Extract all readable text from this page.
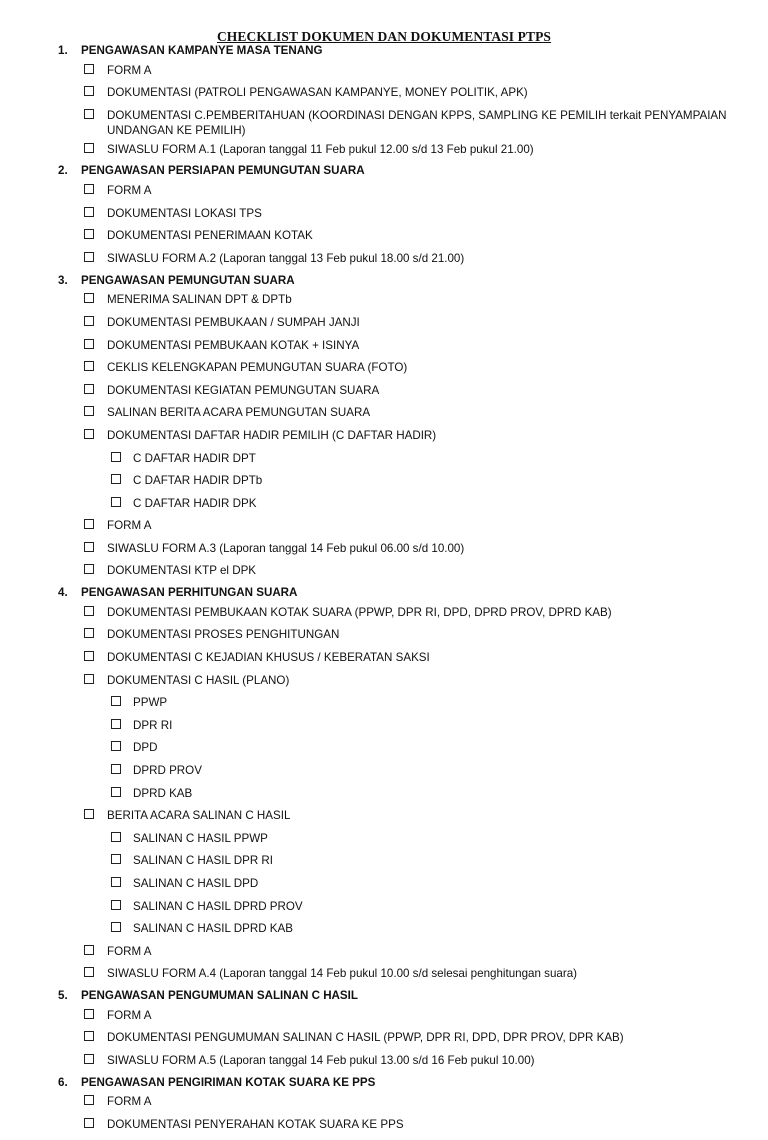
CHECKLIST DOKUMEN DAN DOKUMENTASI PTPS
1. PENGAWASAN KAMPANYE MASA TENANG
FORM A
DOKUMENTASI (PATROLI PENGAWASAN KAMPANYE, MONEY POLITIK, APK)
DOKUMENTASI C.PEMBERITAHUAN (KOORDINASI DENGAN KPPS, SAMPLING KE PEMILIH terkait PENYAMPAIAN UNDANGAN KE PEMILIH)
SIWASLU FORM A.1 (Laporan tanggal 11 Feb pukul 12.00 s/d 13 Feb pukul 21.00)
2. PENGAWASAN PERSIAPAN PEMUNGUTAN SUARA
FORM A
DOKUMENTASI LOKASI TPS
DOKUMENTASI PENERIMAAN KOTAK
SIWASLU FORM A.2 (Laporan tanggal 13 Feb pukul 18.00 s/d 21.00)
3. PENGAWASAN PEMUNGUTAN SUARA
MENERIMA SALINAN DPT & DPTb
DOKUMENTASI PEMBUKAAN / SUMPAH JANJI
DOKUMENTASI PEMBUKAAN KOTAK + ISINYA
CEKLIS KELENGKAPAN PEMUNGUTAN SUARA (FOTO)
DOKUMENTASI KEGIATAN PEMUNGUTAN SUARA
SALINAN BERITA ACARA PEMUNGUTAN SUARA
DOKUMENTASI DAFTAR HADIR PEMILIH (C DAFTAR HADIR)
C DAFTAR HADIR DPT
C DAFTAR HADIR DPTb
C DAFTAR HADIR DPK
FORM A
SIWASLU FORM A.3 (Laporan tanggal 14 Feb pukul 06.00 s/d 10.00)
DOKUMENTASI KTP el DPK
4. PENGAWASAN PERHITUNGAN SUARA
DOKUMENTASI PEMBUKAAN KOTAK SUARA (PPWP, DPR RI, DPD, DPRD PROV, DPRD KAB)
DOKUMENTASI PROSES PENGHITUNGAN
DOKUMENTASI C KEJADIAN KHUSUS / KEBERATAN SAKSI
DOKUMENTASI C HASIL (PLANO)
PPWP
DPR RI
DPD
DPRD PROV
DPRD KAB
BERITA ACARA SALINAN C HASIL
SALINAN C HASIL PPWP
SALINAN C HASIL DPR RI
SALINAN C HASIL DPD
SALINAN C HASIL DPRD PROV
SALINAN C HASIL DPRD KAB
FORM A
SIWASLU FORM A.4 (Laporan tanggal 14 Feb pukul 10.00 s/d selesai penghitungan suara)
5. PENGAWASAN PENGUMUMAN SALINAN C HASIL
FORM A
DOKUMENTASI PENGUMUMAN SALINAN C HASIL (PPWP, DPR RI, DPD, DPR PROV, DPR KAB)
SIWASLU FORM A.5 (Laporan tanggal 14 Feb pukul 13.00 s/d 16 Feb pukul 10.00)
6. PENGAWASAN PENGIRIMAN KOTAK SUARA KE PPS
FORM A
DOKUMENTASI PENYERAHAN KOTAK SUARA KE PPS
